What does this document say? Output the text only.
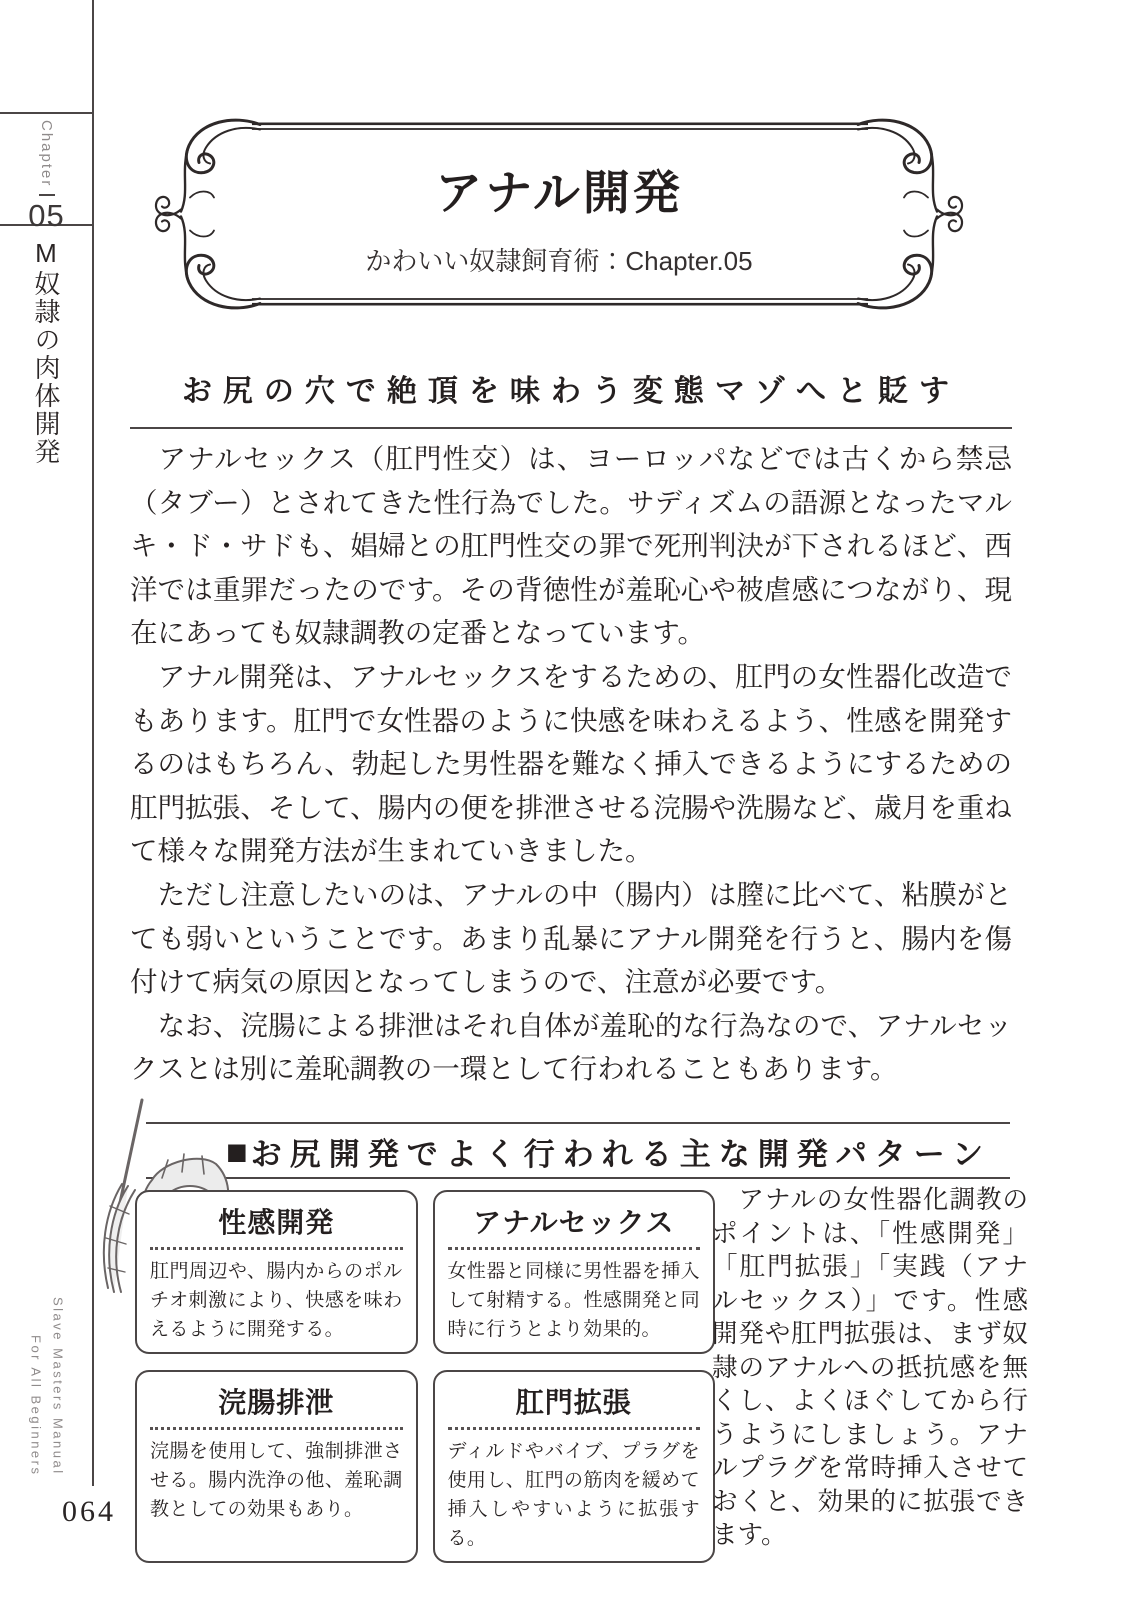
Chapter
05
M奴隷の肉体開発
Slave Masters Manual
For All Beginners
064
アナル開発
かわいい奴隷飼育術：Chapter.05
お尻の穴で絶頂を味わう変態マゾへと貶す

　アナルセックス（肛門性交）は、ヨーロッパなどでは古くから禁忌（タブー）とされてきた性行為でした。サディズムの語源となったマルキ・ド・サドも、娼婦との肛門性交の罪で死刑判決が下されるほど、西洋では重罪だったのです。その背徳性が羞恥心や被虐感につながり、現在にあっても奴隷調教の定番となっています。

　アナル開発は、アナルセックスをするための、肛門の女性器化改造でもあります。肛門で女性器のように快感を味わえるよう、性感を開発するのはもちろん、勃起した男性器を難なく挿入できるようにするための肛門拡張、そして、腸内の便を排泄させる浣腸や洗腸など、歳月を重ねて様々な開発方法が生まれていきました。

　ただし注意したいのは、アナルの中（腸内）は膣に比べて、粘膜がとても弱いということです。あまり乱暴にアナル開発を行うと、腸内を傷付けて病気の原因となってしまうので、注意が必要です。

　なお、浣腸による排泄はそれ自体が羞恥的な行為なので、アナルセックスとは別に羞恥調教の一環として行われることもあります。

■ お尻開発でよく行われる主な開発パターン
性感開発

肛門周辺や、腸内からのポルチオ刺激により、快感を味わえるように開発する。

アナルセックス

女性器と同様に男性器を挿入して射精する。性感開発と同時に行うとより効果的。

浣腸排泄

浣腸を使用して、強制排泄させる。腸内洗浄の他、羞恥調教としての効果もあり。

肛門拡張

ディルドやバイブ、プラグを使用し、肛門の筋肉を緩めて挿入しやすいように拡張する。

　アナルの女性器化調教のポイントは、「性感開発」「肛門拡張」「実践（アナルセックス）」です。性感開発や肛門拡張は、まず奴隷のアナルへの抵抗感を無くし、よくほぐしてから行うようにしましょう。アナルプラグを常時挿入させておくと、効果的に拡張できます。
